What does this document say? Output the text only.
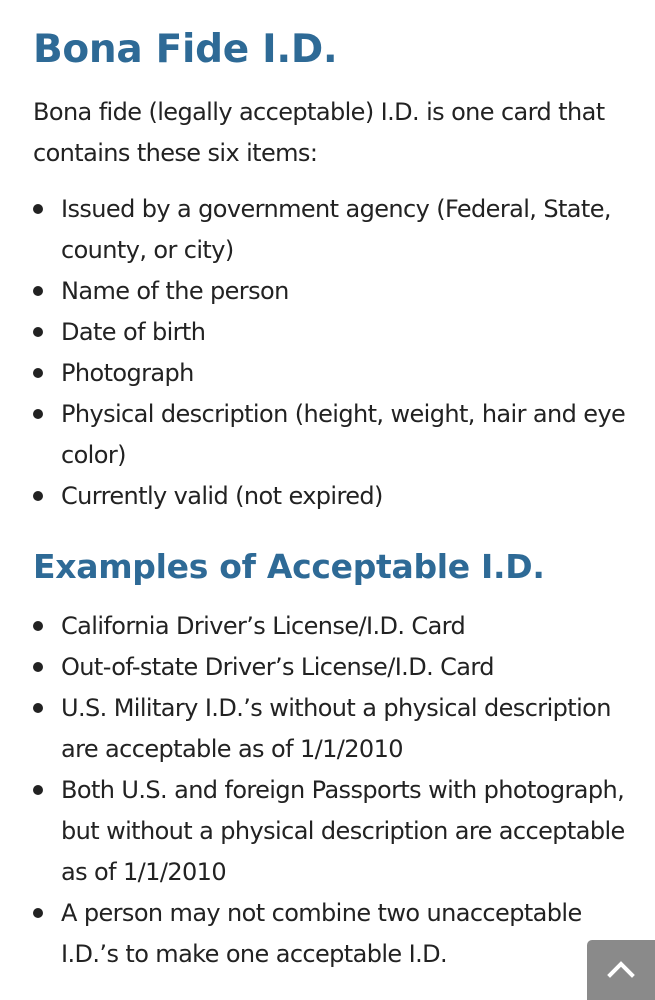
Bona Fide I.D.

Bona fide (legally acceptable) I.D. is one card that contains these six items:

Issued by a government agency (Federal, State, county, or city)
Name of the person
Date of birth
Photograph
Physical description (height, weight, hair and eye color)
Currently valid (not expired)
Examples of Acceptable I.D.
California Driver’s License/I.D. Card
Out-of-state Driver’s License/I.D. Card
U.S. Military I.D.’s without a physical description are acceptable as of 1/1/2010
Both U.S. and foreign Passports with photograph, but without a physical description are acceptable as of 1/1/2010
A person may not combine two unacceptable I.D.’s to make one acceptable I.D.
